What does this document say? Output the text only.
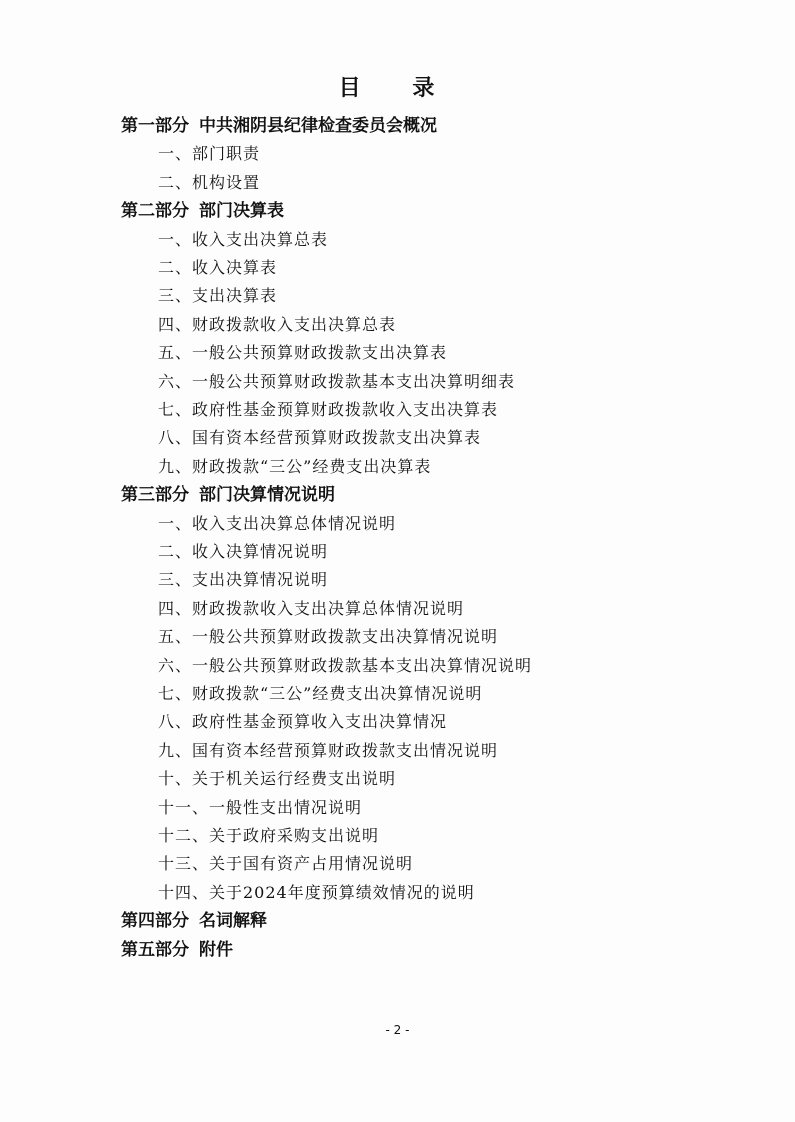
目 录
第一部分 中共湘阴县纪律检查委员会概况
一、部门职责
二、机构设置
第二部分 部门决算表
一、收入支出决算总表
二、收入决算表
三、支出决算表
四、财政拨款收入支出决算总表
五、一般公共预算财政拨款支出决算表
六、一般公共预算财政拨款基本支出决算明细表
七、政府性基金预算财政拨款收入支出决算表
八、国有资本经营预算财政拨款支出决算表
九、财政拨款“三公”经费支出决算表
第三部分 部门决算情况说明
一、收入支出决算总体情况说明
二、收入决算情况说明
三、支出决算情况说明
四、财政拨款收入支出决算总体情况说明
五、一般公共预算财政拨款支出决算情况说明
六、一般公共预算财政拨款基本支出决算情况说明
七、财政拨款“三公”经费支出决算情况说明
八、政府性基金预算收入支出决算情况
九、国有资本经营预算财政拨款支出情况说明
十、关于机关运行经费支出说明
十一、一般性支出情况说明
十二、关于政府采购支出说明
十三、关于国有资产占用情况说明
十四、关于2024年度预算绩效情况的说明
第四部分 名词解释
第五部分 附件
- 2 -
